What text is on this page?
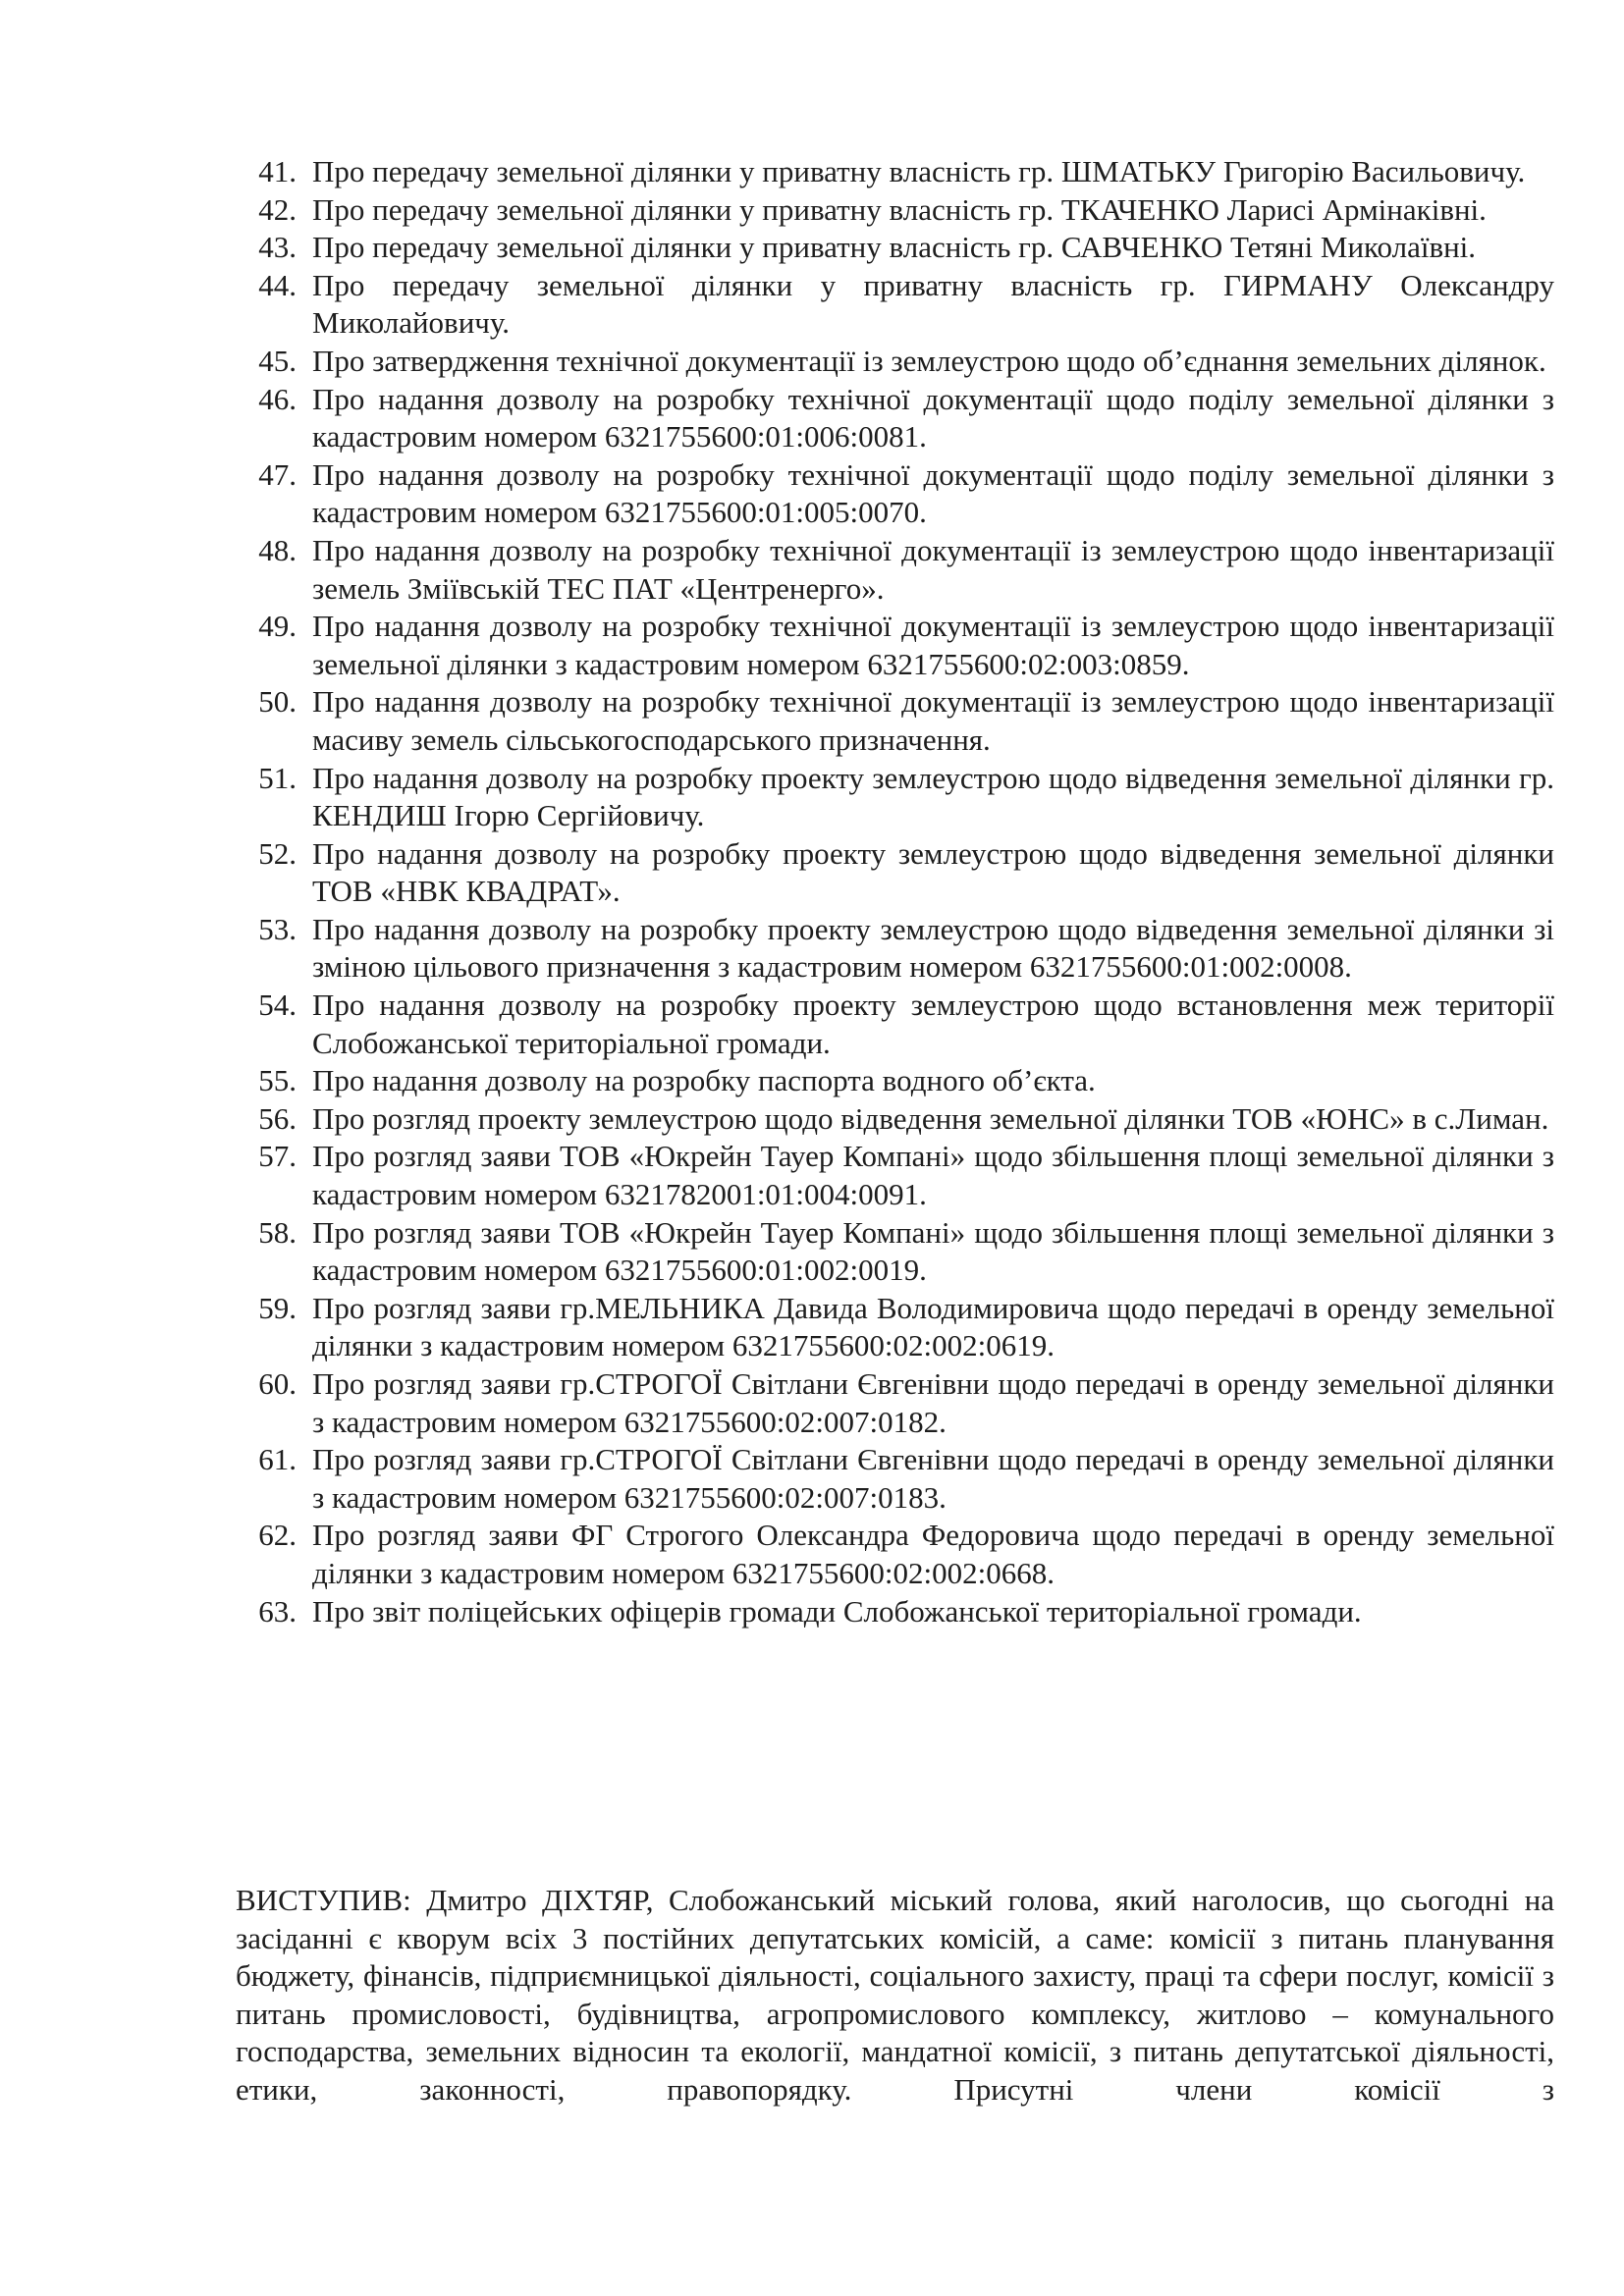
41. Про передачу земельної ділянки у приватну власність гр. ШМАТЬКУ Григорію Васильовичу.
42. Про передачу земельної ділянки у приватну власність гр. ТКАЧЕНКО Ларисі Армінаківні.
43. Про передачу земельної ділянки у приватну власність гр. САВЧЕНКО Тетяні Миколаївні.
44. Про передачу земельної ділянки у приватну власність гр. ГИРМАНУ Олександру Миколайовичу.
45. Про затвердження технічної документації із землеустрою щодо об’єднання земельних ділянок.
46. Про надання дозволу на розробку технічної документації щодо поділу земельної ділянки з кадастровим номером 6321755600:01:006:0081.
47. Про надання дозволу на розробку технічної документації щодо поділу земельної ділянки з кадастровим номером 6321755600:01:005:0070.
48. Про надання дозволу на розробку технічної документації із землеустрою щодо інвентаризації земель Зміївській ТЕС ПАТ «Центренерго».
49. Про надання дозволу на розробку технічної документації із землеустрою щодо інвентаризації земельної ділянки з кадастровим номером 6321755600:02:003:0859.
50. Про надання дозволу на розробку технічної документації із землеустрою щодо інвентаризації масиву земель сільськогосподарського призначення.
51. Про надання дозволу на розробку проекту землеустрою щодо відведення земельної ділянки гр. КЕНДИШ Ігорю Сергійовичу.
52. Про надання дозволу на розробку проекту землеустрою щодо відведення земельної ділянки ТОВ «НВК КВАДРАТ».
53. Про надання дозволу на розробку проекту землеустрою щодо відведення земельної ділянки зі зміною цільового призначення з кадастровим номером 6321755600:01:002:0008.
54. Про надання дозволу на розробку проекту землеустрою щодо встановлення меж території Слобожанської територіальної громади.
55. Про надання дозволу на розробку паспорта водного об’єкта.
56. Про розгляд проекту землеустрою щодо відведення земельної ділянки ТОВ «ЮНС» в с.Лиман.
57. Про розгляд заяви ТОВ «Юкрейн Тауер Компані» щодо збільшення площі земельної ділянки з кадастровим номером 6321782001:01:004:0091.
58. Про розгляд заяви ТОВ «Юкрейн Тауер Компані» щодо збільшення площі земельної ділянки з кадастровим номером 6321755600:01:002:0019.
59. Про розгляд заяви гр.МЕЛЬНИКА Давида Володимировича щодо передачі в оренду земельної ділянки з кадастровим номером 6321755600:02:002:0619.
60. Про розгляд заяви гр.СТРОГОЇ Світлани Євгенівни щодо передачі в оренду земельної ділянки з кадастровим номером 6321755600:02:007:0182.
61. Про розгляд заяви гр.СТРОГОЇ Світлани Євгенівни щодо передачі в оренду земельної ділянки з кадастровим номером 6321755600:02:007:0183.
62. Про розгляд заяви ФГ Строгого Олександра Федоровича щодо передачі в оренду земельної ділянки з кадастровим номером 6321755600:02:002:0668.
63. Про звіт поліцейських офіцерів громади Слобожанської територіальної громади.

ВИСТУПИВ: Дмитро ДІХТЯР, Слобожанський міський голова, який наголосив, що сьогодні на засіданні є кворум всіх 3 постійних депутатських комісій, а саме: комісії з питань планування бюджету, фінансів, підприємницької діяльності, соціального захисту, праці та сфери послуг, комісії з питань промисловості, будівництва, агропромислового комплексу, житлово – комунального господарства, земельних відносин та екології, мандатної комісії, з питань депутатської діяльності, етики, законності, правопорядку. Присутні члени комісії з
